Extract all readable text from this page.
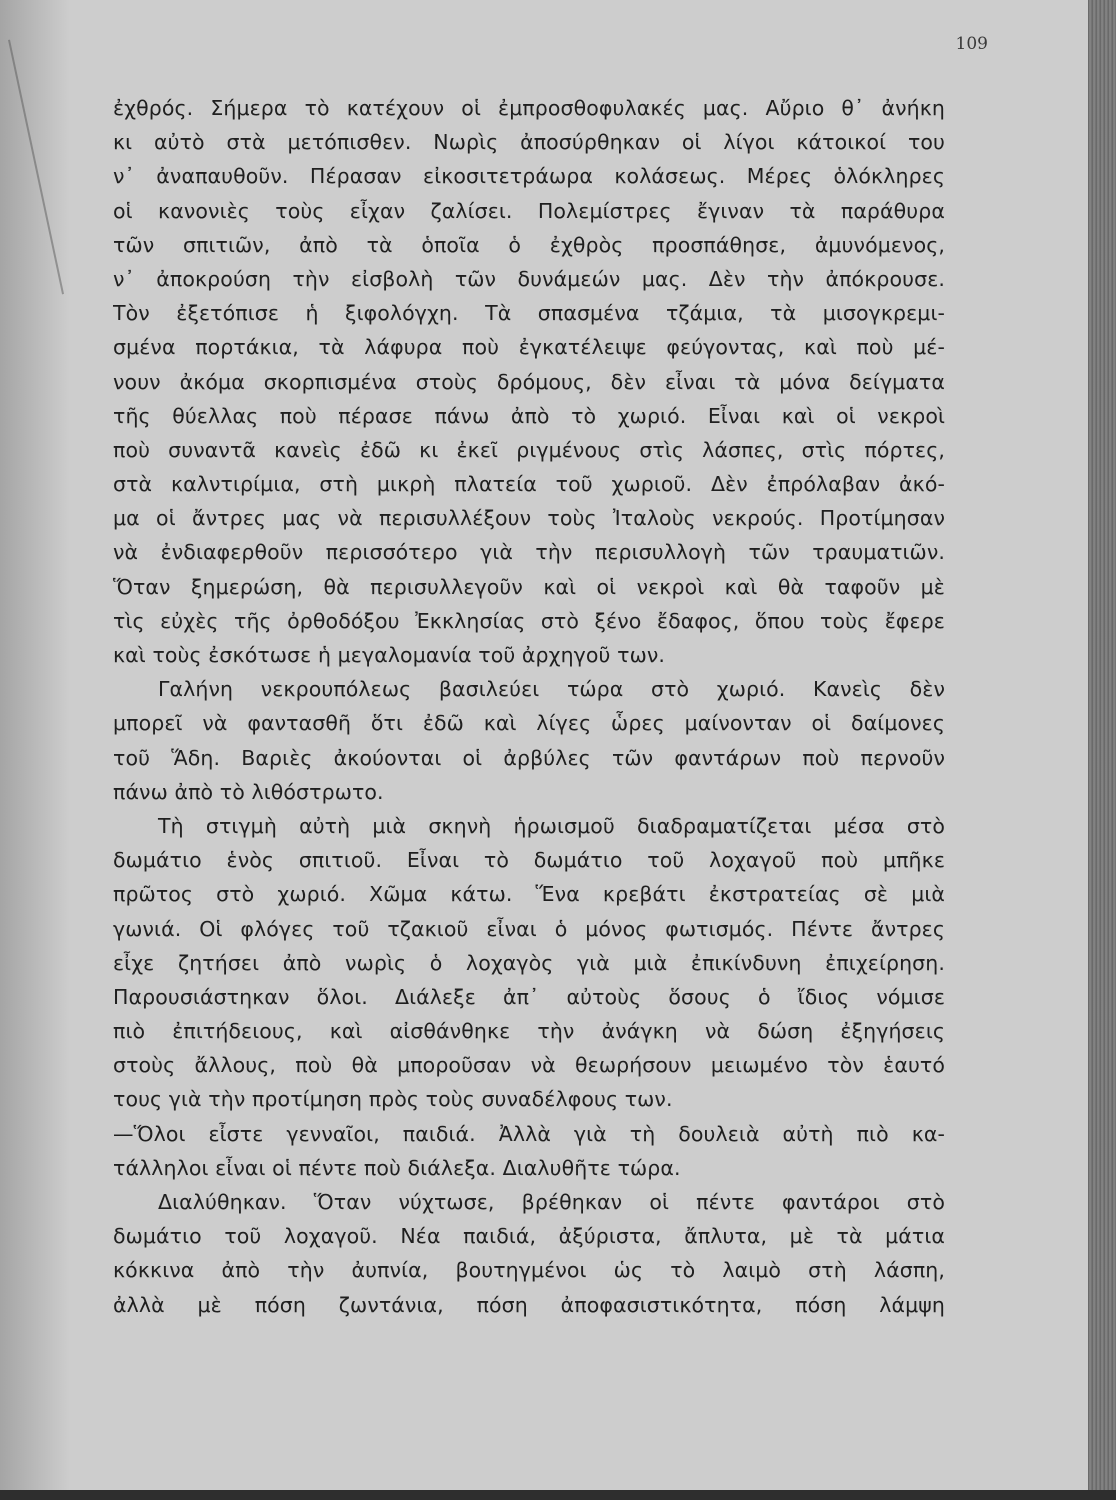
109
ἐχθρός. Σήμερα τὸ κατέχουν οἱ ἐμπροσθοφυλακές μας. Αὔριο θ᾽ ἀνήκη
κι αὐτὸ στὰ μετόπισθεν. Νωρὶς ἀποσύρθηκαν οἱ λίγοι κάτοικοί του
ν᾽ ἀναπαυθοῦν. Πέρασαν εἰκοσιτετράωρα κολάσεως. Μέρες ὁλόκληρες
οἱ κανονιὲς τοὺς εἶχαν ζαλίσει. Πολεμίστρες ἔγιναν τὰ παράθυρα
τῶν σπιτιῶν, ἀπὸ τὰ ὁποῖα ὁ ἐχθρὸς προσπάθησε, ἀμυνόμενος,
ν᾽ ἀποκρούση τὴν εἰσβολὴ τῶν δυνάμεών μας. Δὲν τὴν ἀπόκρουσε.
Τὸν ἐξετόπισε ἡ ξιφολόγχη. Τὰ σπασμένα τζάμια, τὰ μισογκρεμι-
σμένα πορτάκια, τὰ λάφυρα ποὺ ἐγκατέλειψε φεύγοντας, καὶ ποὺ μέ-
νουν ἀκόμα σκορπισμένα στοὺς δρόμους, δὲν εἶναι τὰ μόνα δείγματα
τῆς θύελλας ποὺ πέρασε πάνω ἀπὸ τὸ χωριό. Εἶναι καὶ οἱ νεκροὶ
ποὺ συναντᾶ κανεὶς ἐδῶ κι ἐκεῖ ριγμένους στὶς λάσπες, στὶς πόρτες,
στὰ καλντιρίμια, στὴ μικρὴ πλατεία τοῦ χωριοῦ. Δὲν ἐπρόλαβαν ἀκό-
μα οἱ ἄντρες μας νὰ περισυλλέξουν τοὺς Ἰταλοὺς νεκρούς. Προτίμησαν
νὰ ἐνδιαφερθοῦν περισσότερο γιὰ τὴν περισυλλογὴ τῶν τραυματιῶν.
Ὅταν ξημερώση, θὰ περισυλλεγοῦν καὶ οἱ νεκροὶ καὶ θὰ ταφοῦν μὲ
τὶς εὐχὲς τῆς ὀρθοδόξου Ἐκκλησίας στὸ ξένο ἔδαφος, ὅπου τοὺς ἔφερε
καὶ τοὺς ἐσκότωσε ἡ μεγαλομανία τοῦ ἀρχηγοῦ των.
Γαλήνη νεκρουπόλεως βασιλεύει τώρα στὸ χωριό. Κανεὶς δὲν
μπορεῖ νὰ φαντασθῆ ὅτι ἐδῶ καὶ λίγες ὧρες μαίνονταν οἱ δαίμονες
τοῦ Ἅδη. Βαριὲς ἀκούονται οἱ ἀρβύλες τῶν φαντάρων ποὺ περνοῦν
πάνω ἀπὸ τὸ λιθόστρωτο.
Τὴ στιγμὴ αὐτὴ μιὰ σκηνὴ ἡρωισμοῦ διαδραματίζεται μέσα στὸ
δωμάτιο ἑνὸς σπιτιοῦ. Εἶναι τὸ δωμάτιο τοῦ λοχαγοῦ ποὺ μπῆκε
πρῶτος στὸ χωριό. Χῶμα κάτω. Ἕνα κρεβάτι ἐκστρατείας σὲ μιὰ
γωνιά. Οἱ φλόγες τοῦ τζακιοῦ εἶναι ὁ μόνος φωτισμός. Πέντε ἄντρες
εἶχε ζητήσει ἀπὸ νωρὶς ὁ λοχαγὸς γιὰ μιὰ ἐπικίνδυνη ἐπιχείρηση.
Παρουσιάστηκαν ὅλοι. Διάλεξε ἀπ᾽ αὐτοὺς ὅσους ὁ ἴδιος νόμισε
πιὸ ἐπιτήδειους, καὶ αἰσθάνθηκε τὴν ἀνάγκη νὰ δώση ἐξηγήσεις
στοὺς ἄλλους, ποὺ θὰ μποροῦσαν νὰ θεωρήσουν μειωμένο τὸν ἑαυτό
τους γιὰ τὴν προτίμηση πρὸς τοὺς συναδέλφους των.
—Ὅλοι εἶστε γενναῖοι, παιδιά. Ἀλλὰ γιὰ τὴ δουλειὰ αὐτὴ πιὸ κα-
τάλληλοι εἶναι οἱ πέντε ποὺ διάλεξα. Διαλυθῆτε τώρα.
Διαλύθηκαν. Ὅταν νύχτωσε, βρέθηκαν οἱ πέντε φαντάροι στὸ
δωμάτιο τοῦ λοχαγοῦ. Νέα παιδιά, ἀξύριστα, ἄπλυτα, μὲ τὰ μάτια
κόκκινα ἀπὸ τὴν ἀυπνία, βουτηγμένοι ὡς τὸ λαιμὸ στὴ λάσπη,
ἀλλὰ μὲ πόση ζωντάνια, πόση ἀποφασιστικότητα, πόση λάμψη
